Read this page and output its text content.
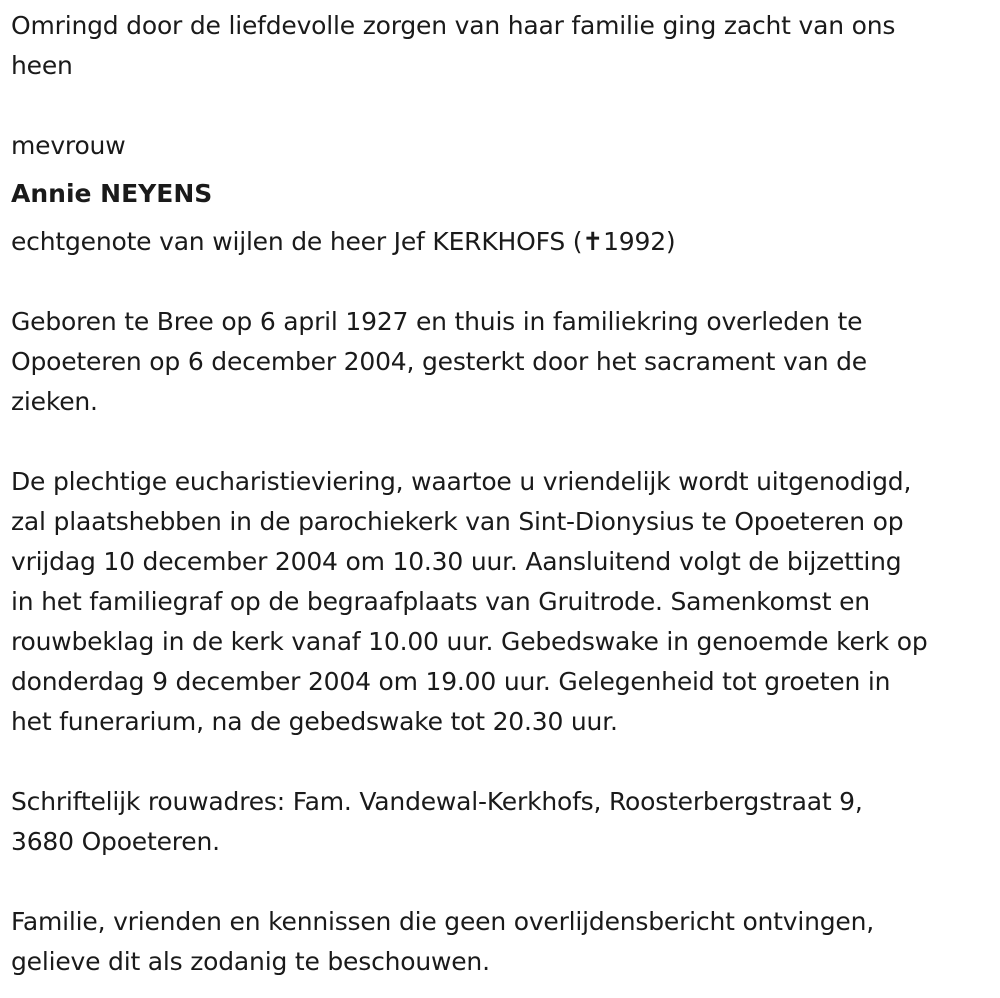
Omringd door de liefdevolle zorgen van haar familie ging zacht van ons
heen
mevrouw
Annie NEYENS
echtgenote van wijlen de heer Jef KERKHOFS (✝1992)
Geboren te Bree op 6 april 1927 en thuis in familiekring overleden te
Opoeteren op 6 december 2004, gesterkt door het sacrament van de
zieken.
De plechtige eucharistieviering, waartoe u vriendelijk wordt uitgenodigd,
zal plaatshebben in de parochiekerk van Sint-Dionysius te Opoeteren op
vrijdag 10 december 2004 om 10.30 uur. Aansluitend volgt de bijzetting
in het familiegraf op de begraafplaats van Gruitrode. Samenkomst en
rouwbeklag in de kerk vanaf 10.00 uur. Gebedswake in genoemde kerk op
donderdag 9 december 2004 om 19.00 uur. Gelegenheid tot groeten in
het funerarium, na de gebedswake tot 20.30 uur.
Schriftelijk rouwadres: Fam. Vandewal-Kerkhofs, Roosterbergstraat 9,
3680 Opoeteren.
Familie, vrienden en kennissen die geen overlijdensbericht ontvingen,
gelieve dit als zodanig te beschouwen.
